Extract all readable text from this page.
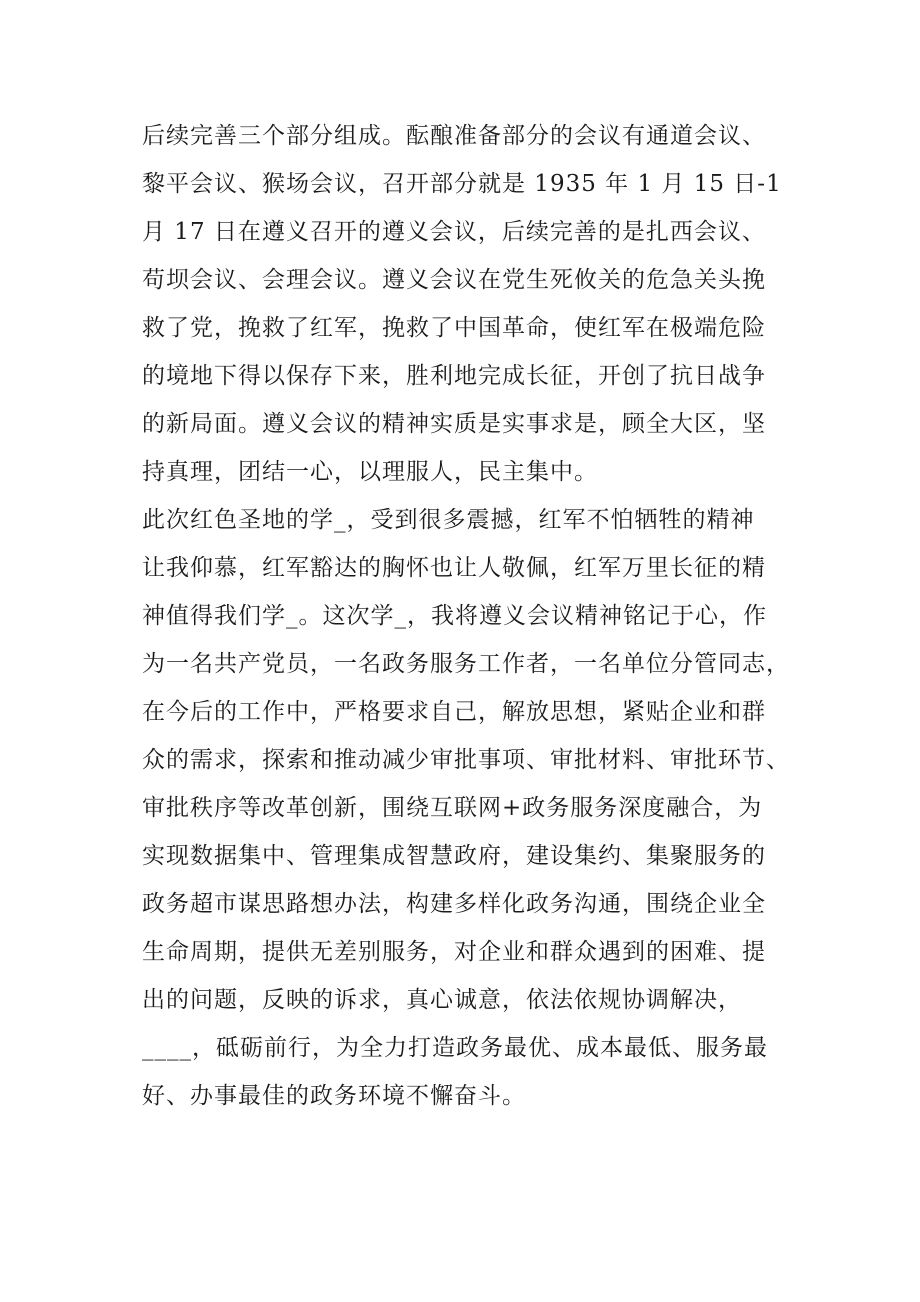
后续完善三个部分组成。酝酿准备部分的会议有通道会议、
黎平会议、猴场会议，召开部分就是 1935 年 1 月 15 日-1
月 17 日在遵义召开的遵义会议，后续完善的是扎西会议、
苟坝会议、会理会议。遵义会议在党生死攸关的危急关头挽
救了党，挽救了红军，挽救了中国革命，使红军在极端危险
的境地下得以保存下来，胜利地完成长征，开创了抗日战争
的新局面。遵义会议的精神实质是实事求是，顾全大区，坚
持真理，团结一心，以理服人，民主集中。
此次红色圣地的学_，受到很多震撼，红军不怕牺牲的精神
让我仰慕，红军豁达的胸怀也让人敬佩，红军万里长征的精
神值得我们学_。这次学_，我将遵义会议精神铭记于心，作
为一名共产党员，一名政务服务工作者，一名单位分管同志，
在今后的工作中，严格要求自己，解放思想，紧贴企业和群
众的需求，探索和推动减少审批事项、审批材料、审批环节、
审批秩序等改革创新，围绕互联网+政务服务深度融合，为
实现数据集中、管理集成智慧政府，建设集约、集聚服务的
政务超市谋思路想办法，构建多样化政务沟通，围绕企业全
生命周期，提供无差别服务，对企业和群众遇到的困难、提
出的问题，反映的诉求，真心诚意，依法依规协调解决，
____，砥砺前行，为全力打造政务最优、成本最低、服务最
好、办事最佳的政务环境不懈奋斗。
